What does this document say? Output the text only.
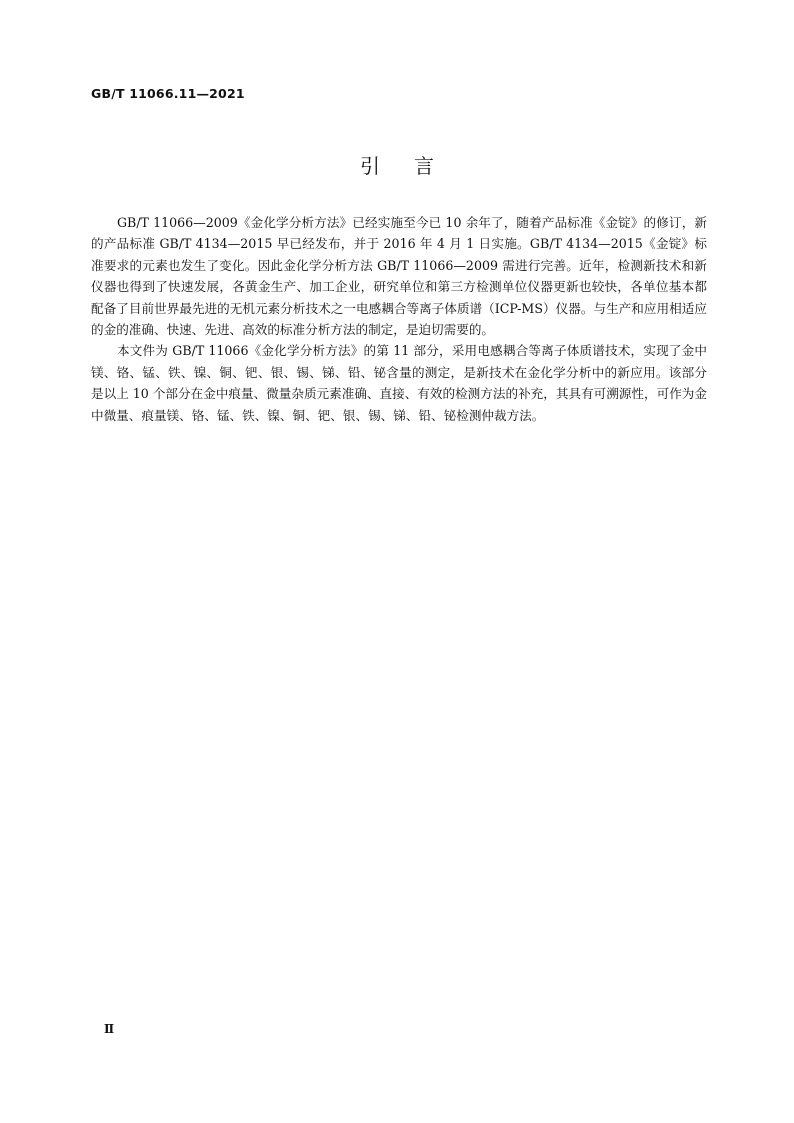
GB/T 11066.11—2021
引 言

GB/T 11066—2009《金化学分析方法》已经实施至今已 10 余年了，随着产品标准《金锭》的修订，新的产品标准 GB/T 4134—2015 早已经发布，并于 2016 年 4 月 1 日实施。GB/T 4134—2015《金锭》标准要求的元素也发生了变化。因此金化学分析方法 GB/T 11066—2009 需进行完善。近年，检测新技术和新仪器也得到了快速发展，各黄金生产、加工企业，研究单位和第三方检测单位仪器更新也较快，各单位基本都配备了目前世界最先进的无机元素分析技术之一电感耦合等离子体质谱（ICP-MS）仪器。与生产和应用相适应的金的准确、快速、先进、高效的标准分析方法的制定，是迫切需要的。

本文件为 GB/T 11066《金化学分析方法》的第 11 部分，采用电感耦合等离子体质谱技术，实现了金中镁、铬、锰、铁、镍、铜、钯、银、锡、锑、铅、铋含量的测定，是新技术在金化学分析中的新应用。该部分是以上 10 个部分在金中痕量、微量杂质元素准确、直接、有效的检测方法的补充，其具有可溯源性，可作为金中微量、痕量镁、铬、锰、铁、镍、铜、钯、银、锡、锑、铅、铋检测仲裁方法。

Ⅱ
